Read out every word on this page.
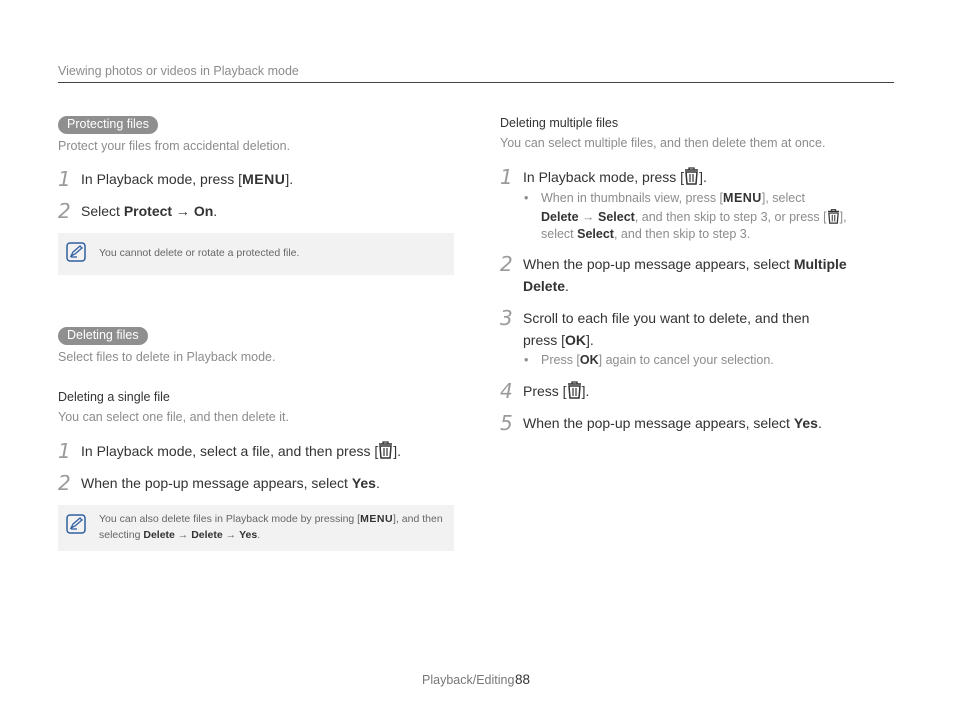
Viewing photos or videos in Playback mode
Protecting files
Protect your files from accidental deletion.
1 In Playback mode, press [MENU].
2 Select Protect → On.
You cannot delete or rotate a protected file.
Deleting files
Select files to delete in Playback mode.
Deleting a single file
You can select one file, and then delete it.
1 In Playback mode, select a file, and then press [ ].
2 When the pop-up message appears, select Yes.
You can also delete files in Playback mode by pressing [MENU], and then
selecting Delete → Delete → Yes.
Deleting multiple files
You can select multiple files, and then delete them at once.
1 In Playback mode, press [ ].
• When in thumbnails view, press [MENU], select
Delete → Select, and then skip to step 3, or press [ ],
select Select, and then skip to step 3.
2 When the pop-up message appears, select Multiple Delete.
3 Scroll to each file you want to delete, and then
press [OK].
•	Press [OK] again to cancel your selection.
4 Press [ ].
5 When the pop-up message appears, select Yes.
Playback/Editing 88
